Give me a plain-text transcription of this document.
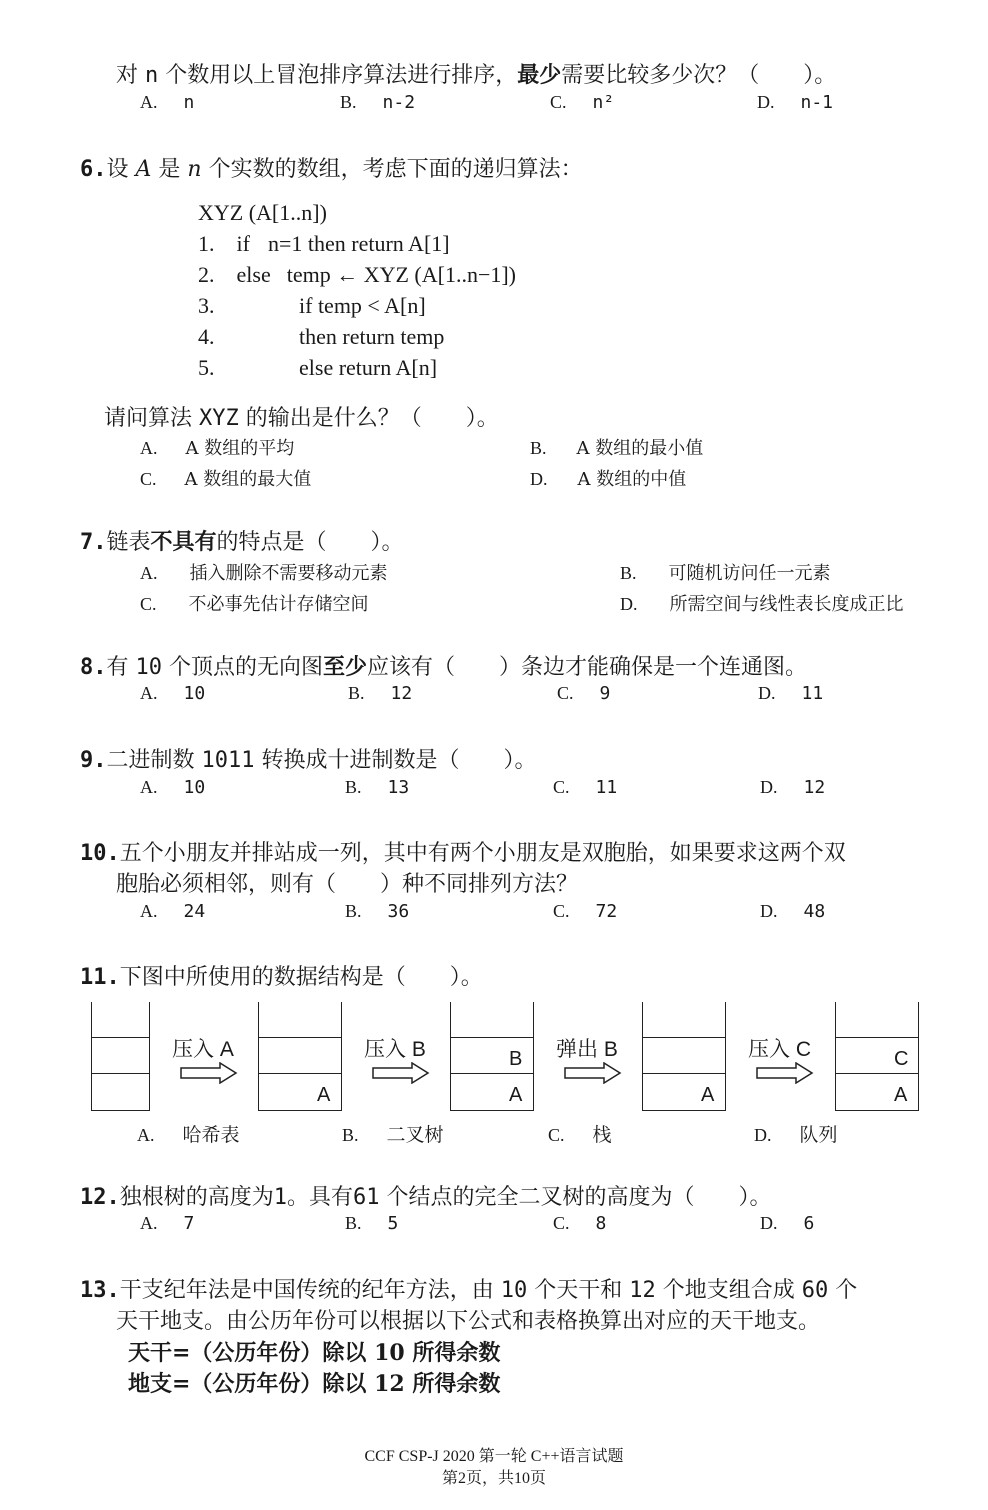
对 n 个数用以上冒泡排序算法进行排序，最少需要比较多少次？（　　）。
A. n	B. n-2	C. n²	D. n-1
6.设 A 是 n 个实数的数组，考虑下面的递归算法：
XYZ (A[1..n])
1. if n=1 then return A[1]
2. else temp ← XYZ (A[1..n−1])
3.	if temp < A[n]
4.	then return temp
5.	else return A[n]
请问算法 XYZ 的输出是什么？（　　）。
A. A 数组的平均	B. A 数组的最小值
C. A 数组的最大值	D. A 数组的中值
7.链表不具有的特点是（　　）。
A. 插入删除不需要移动元素	B. 可随机访问任一元素
C. 不必事先估计存储空间	D. 所需空间与线性表长度成正比
8.有 10 个顶点的无向图至少应该有（　　）条边才能确保是一个连通图。
A. 10	B. 12	C. 9	D. 11
9.二进制数 1011 转换成十进制数是（　　）。
A. 10	B. 13	C. 11	D. 12
10.五个小朋友并排站成一列，其中有两个小朋友是双胞胎，如果要求这两个双
胞胎必须相邻，则有（　　）种不同排列方法？
A. 24	B. 36	C. 72	D. 48
11.下图中所使用的数据结构是（　　）。
压入 A
A
压入 B	B
A
弹出 B
A
压入 C	C
A
A. 哈希表	B. 二叉树	C. 栈	D. 队列
12.独根树的高度为1。具有61 个结点的完全二叉树的高度为（　　）。
A. 7	B. 5	C. 8	D. 6
13.干支纪年法是中国传统的纪年方法，由 10 个天干和 12 个地支组合成 60 个
天干地支。由公历年份可以根据以下公式和表格换算出对应的天干地支。
天干=（公历年份）除以 10 所得余数
地支=（公历年份）除以 12 所得余数
CCF CSP-J 2020 第一轮 C++语言试题
第2页，共10页
